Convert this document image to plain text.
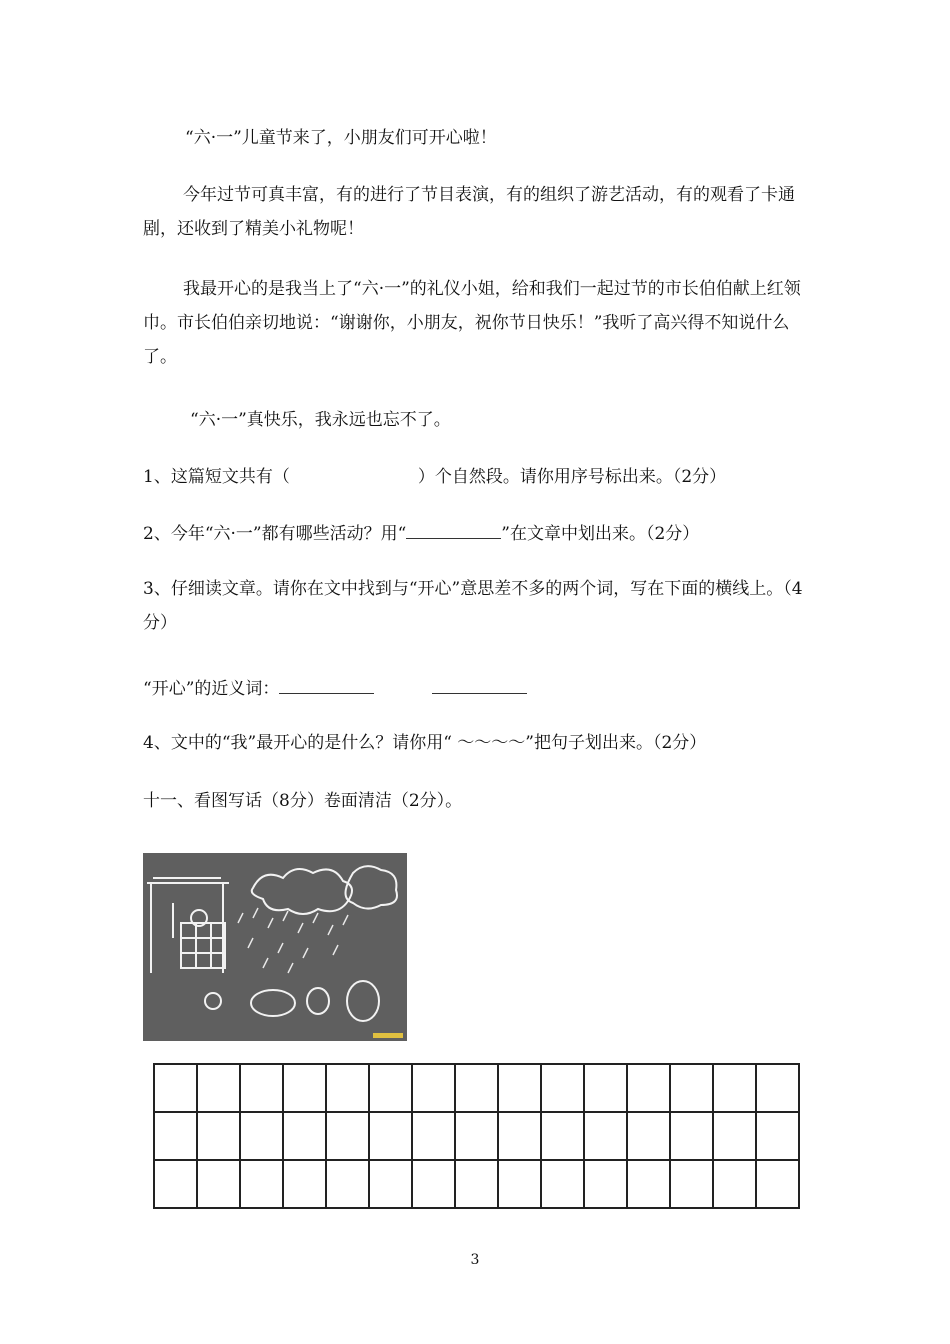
“六·一”儿童节来了，小朋友们可开心啦！
今年过节可真丰富，有的进行了节目表演，有的组织了游艺活动，有的观看了卡通剧，还收到了精美小礼物呢！
我最开心的是我当上了“六·一”的礼仪小姐，给和我们一起过节的市长伯伯献上红领巾。市长伯伯亲切地说：“谢谢你，小朋友，祝你节日快乐！”我听了高兴得不知说什么了。
“六·一”真快乐，我永远也忘不了。
1、这篇短文共有（	）个自然段。请你用序号标出来。（2分）
2、今年“六·一”都有哪些活动？用“	”在文章中划出来。（2分）
3、仔细读文章。请你在文中找到与“开心”意思差不多的两个词，写在下面的横线上。（4分）
“开心”的近义词：
4、文中的“我”最开心的是什么？请你用“ ～～～～”把句子划出来。（2分）
十一、看图写话（8分）卷面清洁（2分）。

3
